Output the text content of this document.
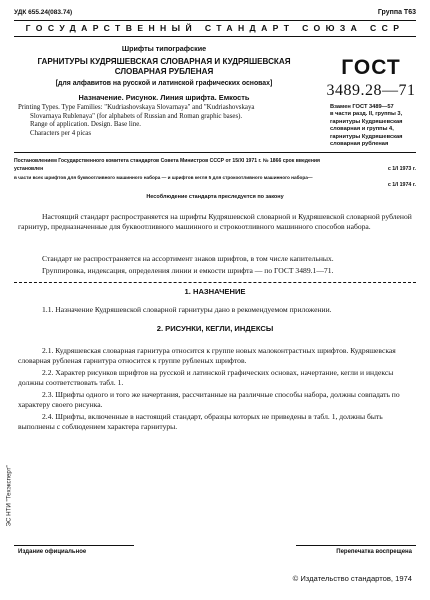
УДК 655.24(083.74)	Группа Т63
ГОСУДАРСТВЕННЫЙ СТАНДАРТ СОЮЗА ССР
Шрифты типографские
ГАРНИТУРЫ КУДРЯШЕВСКАЯ СЛОВАРНАЯ И КУДРЯШЕВСКАЯ
СЛОВАРНАЯ РУБЛЕНАЯ
[для алфавитов на русской и латинской графических основах]
Назначение. Рисунок. Линия шрифта. Емкость
Printing Types. Type Families: "Kudriashovskaya Slovarnaya" and "Kudriashovskaya
Slovarnaya Rublenaya" (for alphabets of Russian and Roman graphic bases).
Range of application. Design. Base line.
Characters per 4 picas
ГОСТ
3489.28—71
Взамен ГОСТ 3489—57
в части разд. II, группы 3,
гарнитуры Кудряшевская
словарная и группы 4,
гарнитуры Кудряшевская
словарная рубленая
Постановлением Государственного комитета стандартов Совета Министров СССР от 15/XI 1971 г. № 1866 срок введения
с 1/I 1973 г.
установлен
в части всех шрифтов для буквоотливного машинного набора — и шрифтов кегля 5 для строкоотливного машинного набора—
с 1/I 1974 г.
Несоблюдение стандарта преследуется по закону
Настоящий стандарт распространяется на шрифты Кудряшевской словарной и Кудряшевской словарной рубленой гарнитур, предназначенные для буквоотливного машинного и строкоотливного машинного способов набора.
Стандарт не распространяется на ассортимент знаков шрифтов, в том числе капительных.
Группировка, индексация, определения линии и емкости шрифта — по ГОСТ 3489.1—71.
1. НАЗНАЧЕНИЕ
1.1. Назначение Кудряшевской словарной гарнитуры дано в рекомендуемом приложении.
2. РИСУНКИ, КЕГЛИ, ИНДЕКСЫ
2.1. Кудряшевская словарная гарнитура относится к группе новых малоконтрастных шрифтов. Кудряшевская словарная рубленая гарнитура относится к группе рубленых шрифтов.
2.2. Характер рисунков шрифтов на русской и латинской графических основах, начертание, кегли и индексы должны соответствовать табл. 1.
2.3. Шрифты одного и того же начертания, рассчитанные на различные способы набора, должны совпадать по характеру своего рисунка.
2.4. Шрифты, включенные в настоящий стандарт, образцы которых не приведены в табл. 1, должны быть выполнены с соблюдением характера гарнитуры.
ЭС НТИ "Техэксперт"
Издание официальное	Перепечатка воспрещена
© Издательство стандартов, 1974
